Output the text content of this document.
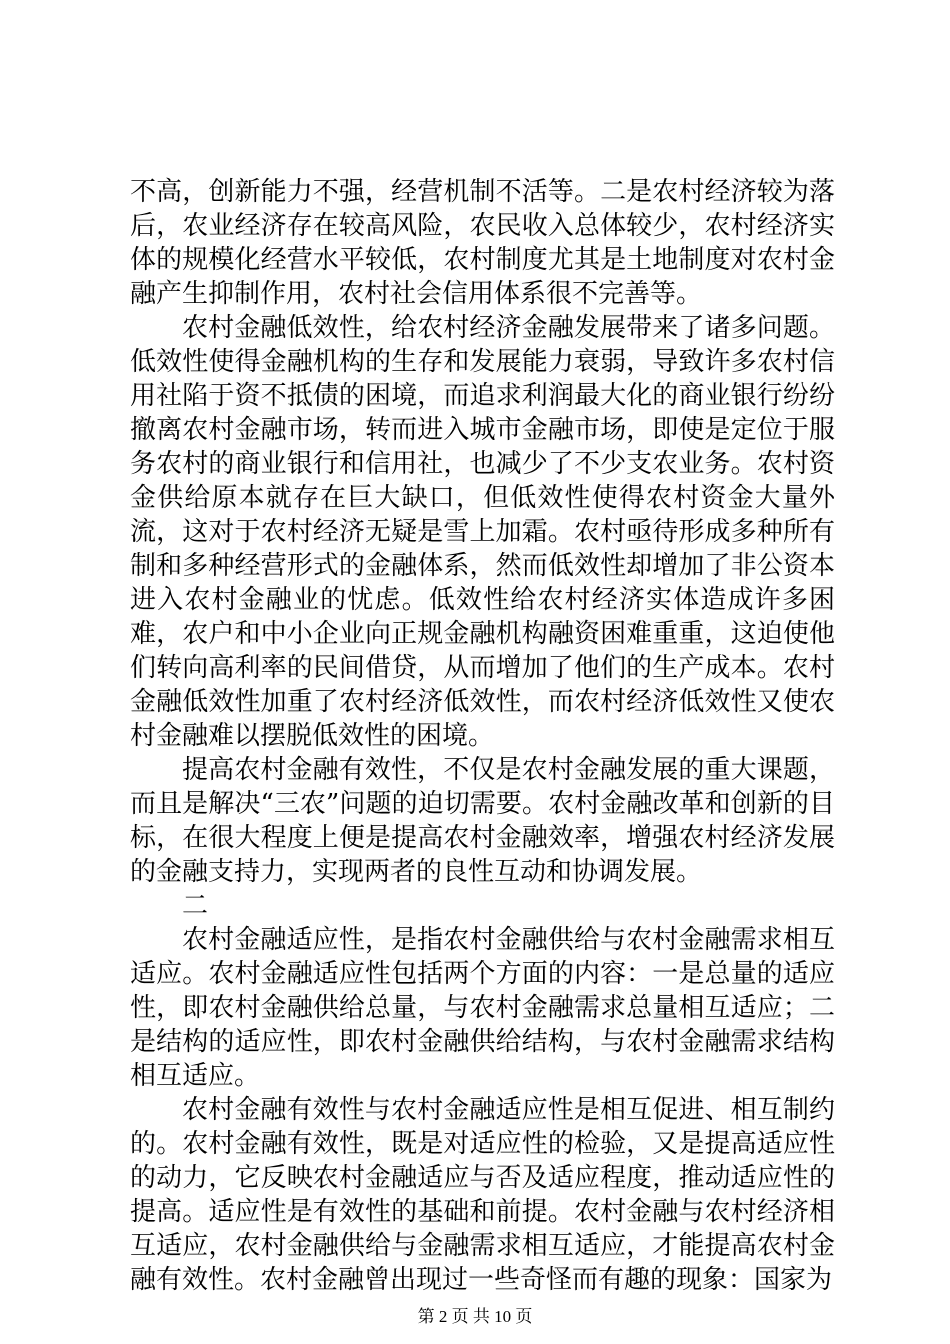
不高，创新能力不强，经营机制不活等。二是农村经济较为落后，农业经济存在较高风险，农民收入总体较少，农村经济实体的规模化经营水平较低，农村制度尤其是土地制度对农村金融产生抑制作用，农村社会信用体系很不完善等。

农村金融低效性，给农村经济金融发展带来了诸多问题。低效性使得金融机构的生存和发展能力衰弱，导致许多农村信用社陷于资不抵债的困境，而追求利润最大化的商业银行纷纷撤离农村金融市场，转而进入城市金融市场，即使是定位于服务农村的商业银行和信用社，也减少了不少支农业务。农村资金供给原本就存在巨大缺口，但低效性使得农村资金大量外流，这对于农村经济无疑是雪上加霜。农村亟待形成多种所有制和多种经营形式的金融体系，然而低效性却增加了非公资本进入农村金融业的忧虑。低效性给农村经济实体造成许多困难，农户和中小企业向正规金融机构融资困难重重，这迫使他们转向高利率的民间借贷，从而增加了他们的生产成本。农村金融低效性加重了农村经济低效性，而农村经济低效性又使农村金融难以摆脱低效性的困境。

提高农村金融有效性，不仅是农村金融发展的重大课题，而且是解决“三农”问题的迫切需要。农村金融改革和创新的目标，在很大程度上便是提高农村金融效率，增强农村经济发展的金融支持力，实现两者的良性互动和协调发展。

二

农村金融适应性，是指农村金融供给与农村金融需求相互适应。农村金融适应性包括两个方面的内容：一是总量的适应性，即农村金融供给总量，与农村金融需求总量相互适应；二是结构的适应性，即农村金融供给结构，与农村金融需求结构相互适应。

农村金融有效性与农村金融适应性是相互促进、相互制约的。农村金融有效性，既是对适应性的检验，又是提高适应性的动力，它反映农村金融适应与否及适应程度，推动适应性的提高。适应性是有效性的基础和前提。农村金融与农村经济相互适应，农村金融供给与金融需求相互适应，才能提高农村金融有效性。农村金融曾出现过一些奇怪而有趣的现象：国家为

第 2 页 共 10 页
